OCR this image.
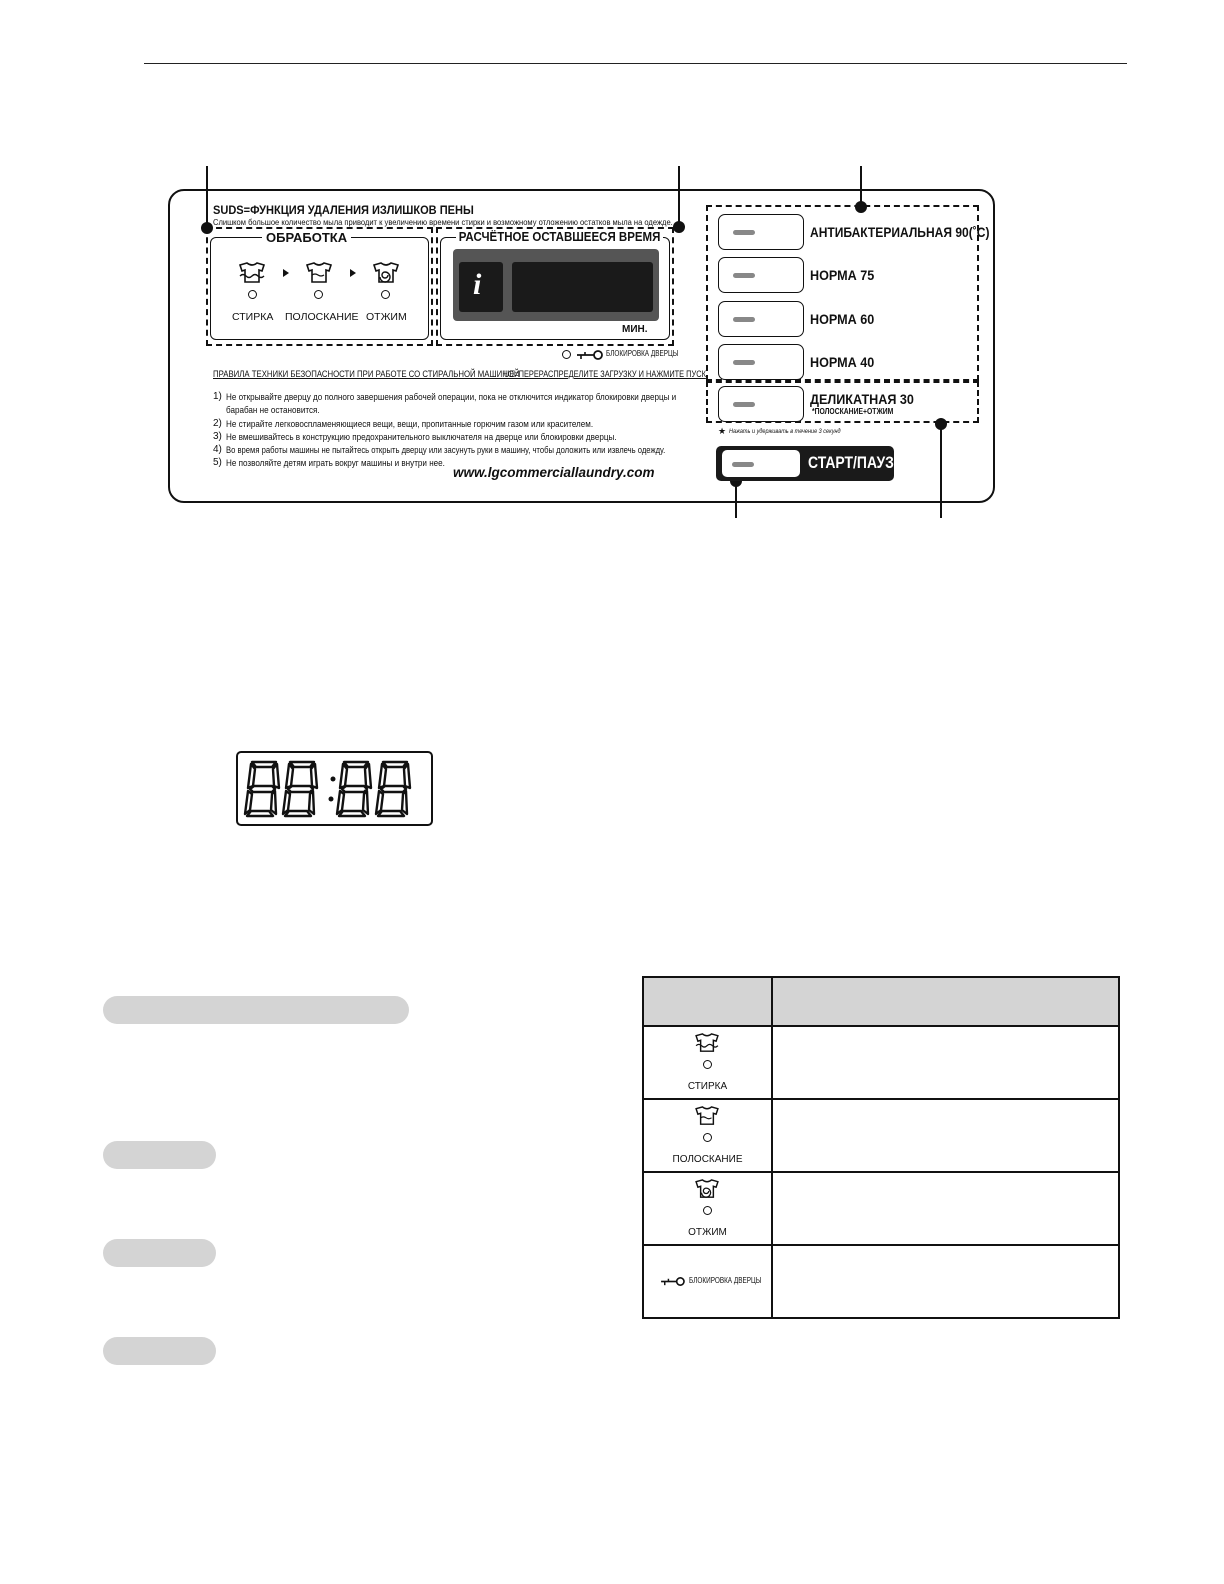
SUDS=ФУНКЦИЯ УДАЛЕНИЯ ИЗЛИШКОВ ПЕНЫ
Слишком большое количество мыла приводит к увеличению времени стирки и возможному отложению остатков мыла на одежде.
ОБРАБОТКА
СТИРКА ПОЛОСКАНИЕ ОТЖИМ
РАСЧЁТНОЕ ОСТАВШЕЕСЯ ВРЕМЯ
i
МИН.
БЛОКИРОВКА ДВЕРЦЫ
ПРАВИЛА ТЕХНИКИ БЕЗОПАСНОСТИ ПРИ РАБОТЕ СО СТИРАЛЬНОЙ МАШИНОЙ
UE=ПЕРЕРАСПРЕДЕЛИТЕ ЗАГРУЗКУ И НАЖМИТЕ ПУСК
1) Не открывайте дверцу до полного завершения рабочей операции, пока не отключится индикатор блокировки дверцы и
барабан не остановится.
2) Не стирайте легковоспламеняющиеся вещи, вещи, пропитанные горючим газом или красителем.
3) Не вмешивайтесь в конструкцию предохранительного выключателя на дверце или блокировки дверцы.
4) Во время работы машины не пытайтесь открыть дверцу или засунуть руки в машину, чтобы доложить или извлечь одежду.
5) Не позволяйте детям играть вокруг машины и внутри нее.
www.lgcommerciallaundry.com
АНТИБАКТЕРИАЛЬНАЯ 90(˚C)
НОРМА 75
НОРМА 60
НОРМА 40
ДЕЛИКАТНАЯ 30
*ПОЛОСКАНИЕ+ОТЖИМ
★ Нажать и удерживать в течение 3 секунд
СТАРТ/ПАУЗА

СТИРКА	

ПОЛОСКАНИЕ	

ОТЖИМ	

БЛОКИРОВКА ДВЕРЦЫ	
